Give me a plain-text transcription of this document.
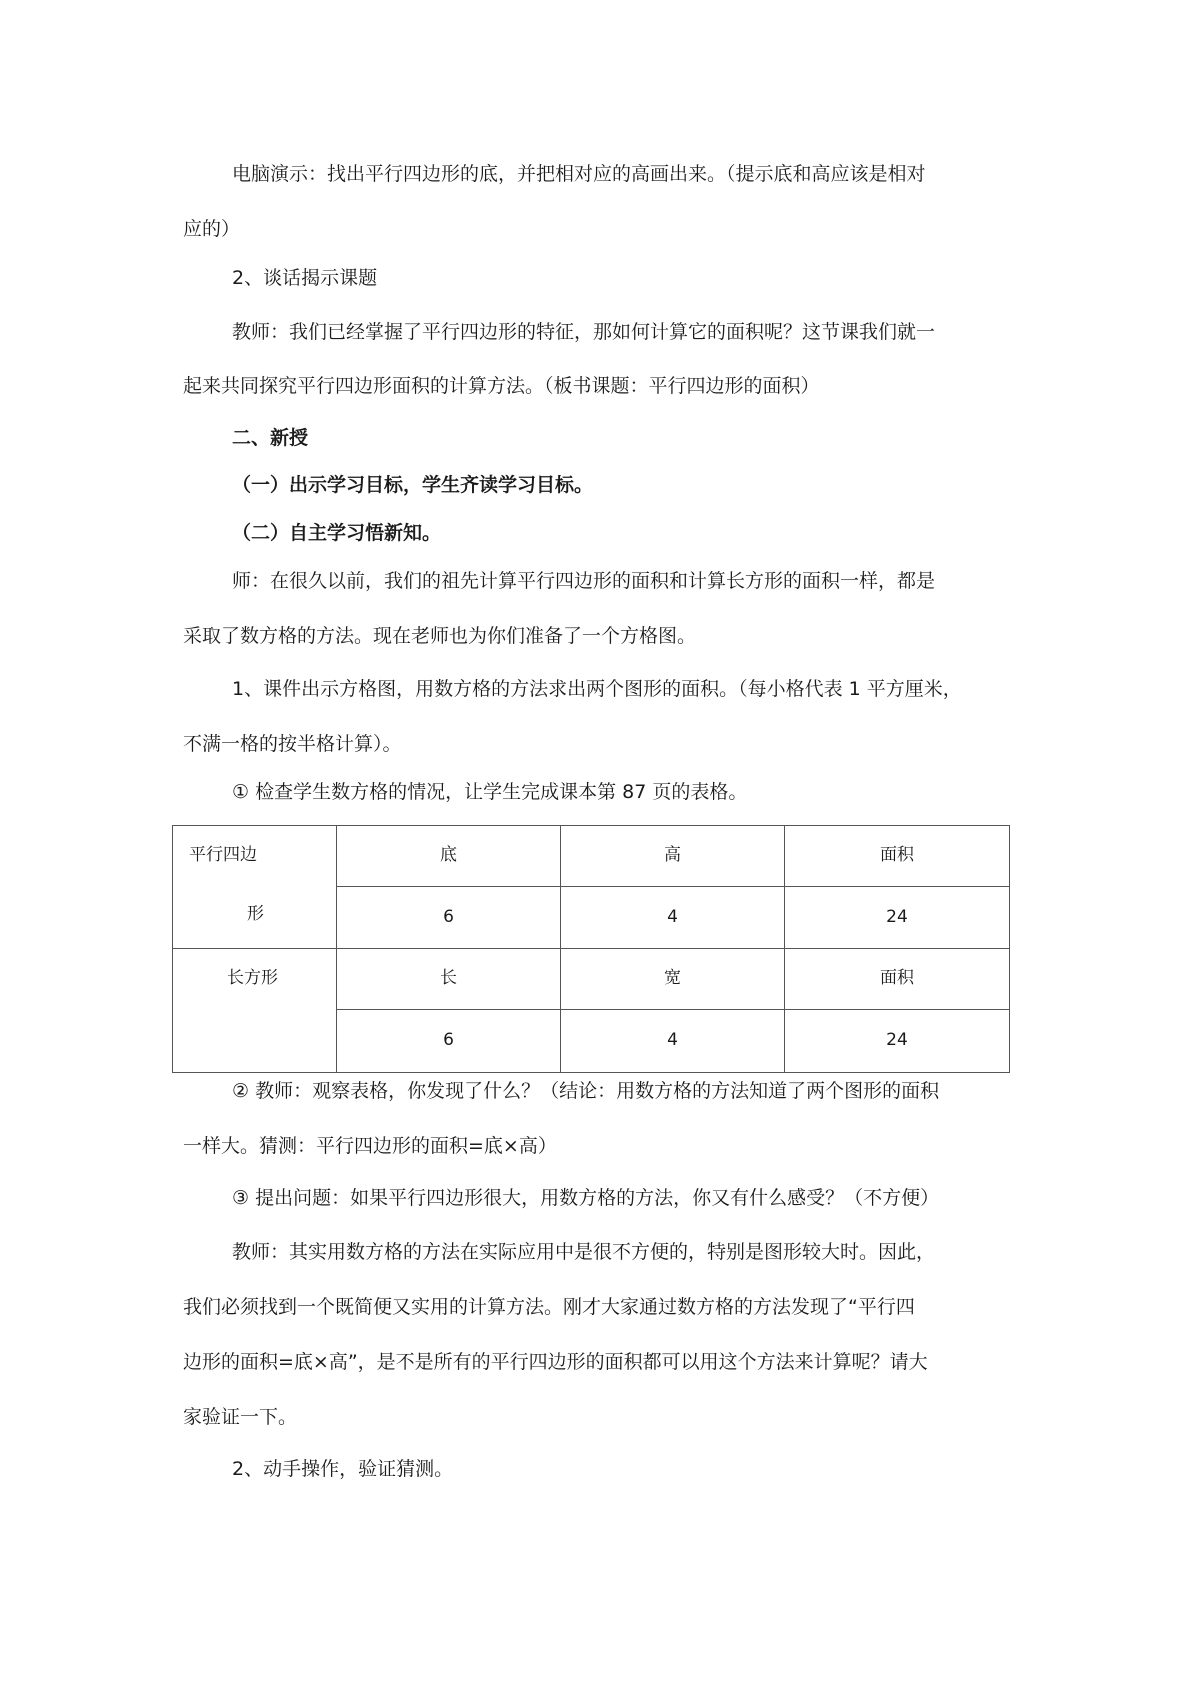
电脑演示：找出平行四边形的底，并把相对应的高画出来。（提示底和高应该是相对
应的）
2、谈话揭示课题
教师：我们已经掌握了平行四边形的特征，那如何计算它的面积呢？这节课我们就一
起来共同探究平行四边形面积的计算方法。（板书课题：平行四边形的面积）
二、新授
（一）出示学习目标，学生齐读学习目标。
（二）自主学习悟新知。
师：在很久以前，我们的祖先计算平行四边形的面积和计算长方形的面积一样，都是
采取了数方格的方法。现在老师也为你们准备了一个方格图。
1、课件出示方格图，用数方格的方法求出两个图形的面积。（每小格代表 1 平方厘米，
不满一格的按半格计算）。
① 检查学生数方格的情况，让学生完成课本第 87 页的表格。
平行四边
形	底	高	面积

	6	4	24

长方形	长	宽	面积

	6	4	24
② 教师：观察表格，你发现了什么？（结论：用数方格的方法知道了两个图形的面积
一样大。猜测：平行四边形的面积=底×高）
③ 提出问题：如果平行四边形很大，用数方格的方法，你又有什么感受？（不方便）
教师：其实用数方格的方法在实际应用中是很不方便的，特别是图形较大时。因此，
我们必须找到一个既简便又实用的计算方法。刚才大家通过数方格的方法发现了“平行四
边形的面积=底×高”，是不是所有的平行四边形的面积都可以用这个方法来计算呢？请大
家验证一下。
2、动手操作，验证猜测。
